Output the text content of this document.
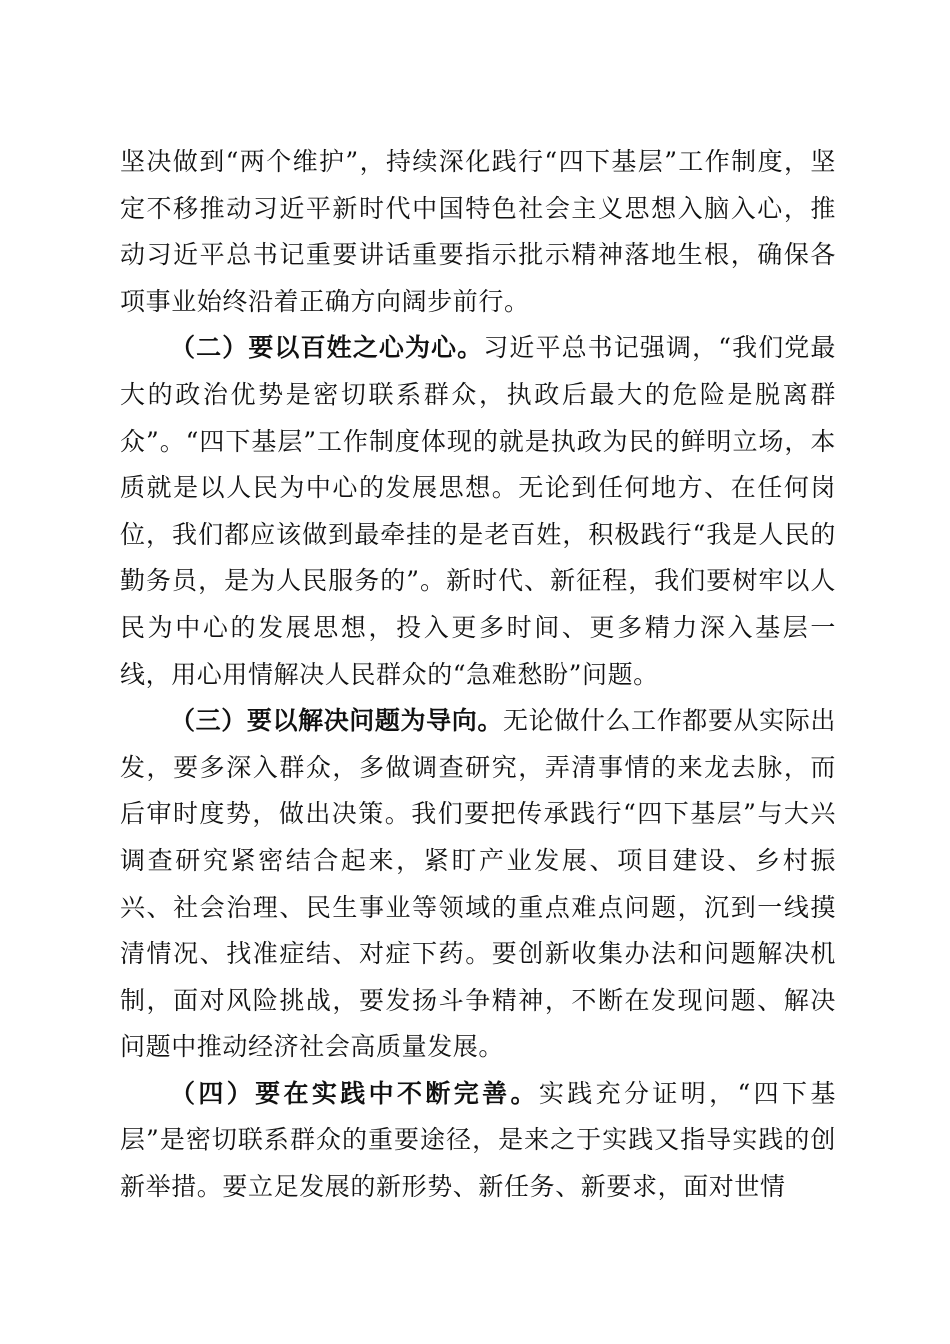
坚决做到“两个维护”，持续深化践行“四下基层”工作制度，坚定不移推动习近平新时代中国特色社会主义思想入脑入心，推动习近平总书记重要讲话重要指示批示精神落地生根，确保各项事业始终沿着正确方向阔步前行。

（二）要以百姓之心为心。习近平总书记强调，“我们党最大的政治优势是密切联系群众，执政后最大的危险是脱离群众”。“四下基层”工作制度体现的就是执政为民的鲜明立场，本质就是以人民为中心的发展思想。无论到任何地方、在任何岗位，我们都应该做到最牵挂的是老百姓，积极践行“我是人民的勤务员，是为人民服务的”。新时代、新征程，我们要树牢以人民为中心的发展思想，投入更多时间、更多精力深入基层一线，用心用情解决人民群众的“急难愁盼”问题。

（三）要以解决问题为导向。无论做什么工作都要从实际出发，要多深入群众，多做调查研究，弄清事情的来龙去脉，而后审时度势，做出决策。我们要把传承践行“四下基层”与大兴调查研究紧密结合起来，紧盯产业发展、项目建设、乡村振兴、社会治理、民生事业等领域的重点难点问题，沉到一线摸清情况、找准症结、对症下药。要创新收集办法和问题解决机制，面对风险挑战，要发扬斗争精神，不断在发现问题、解决问题中推动经济社会高质量发展。

（四）要在实践中不断完善。实践充分证明，“四下基层”是密切联系群众的重要途径，是来之于实践又指导实践的创新举措。要立足发展的新形势、新任务、新要求，面对世情
